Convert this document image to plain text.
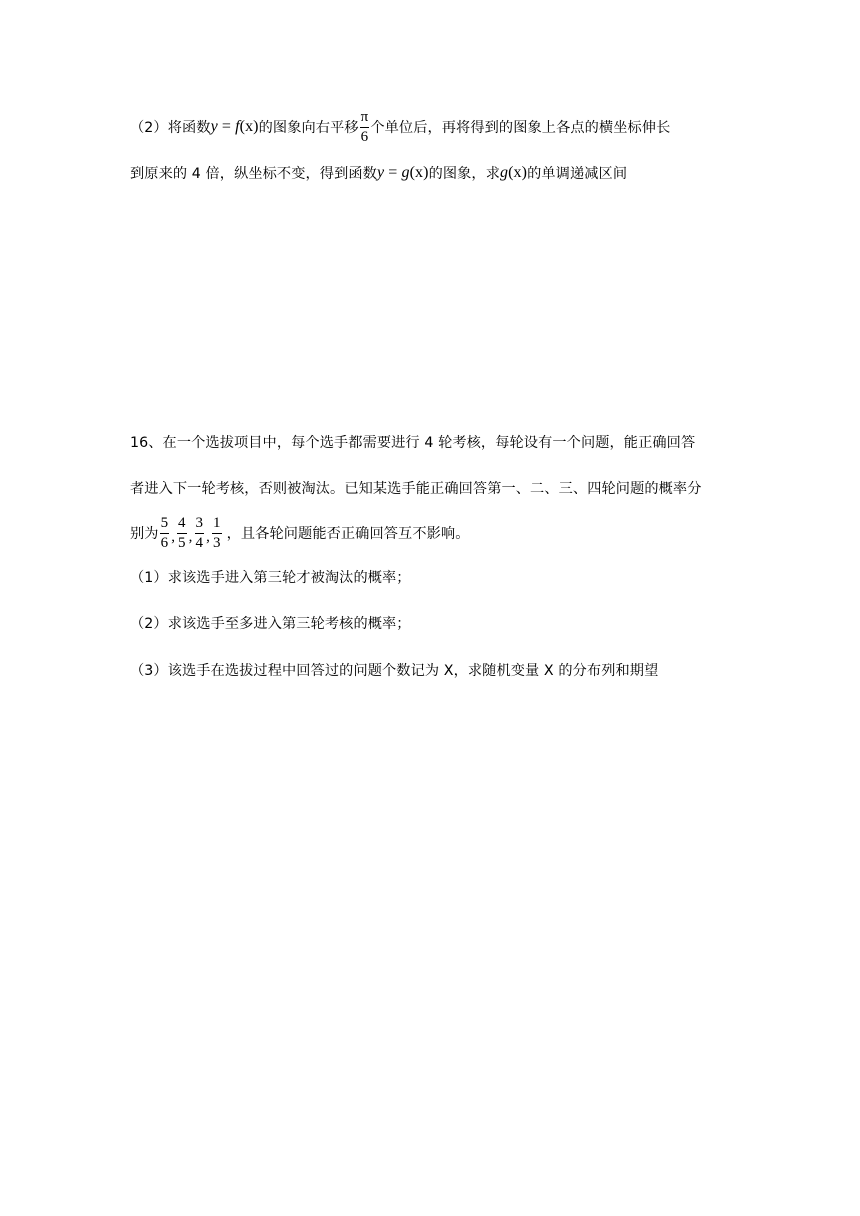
（2） 将函数 y = f(x) 的图象向右平移 $\frac{\pi}{6}$ 个单位后，再将得到的图象上各点的横坐标伸长
到原来的 4 倍，纵坐标不变，得到函数 y = g(x) 的图象，求 g(x) 的单调递减区间
16、在一个选拔项目中，每个选手都需要进行 4 轮考核，每轮设有一个问题，能正确回答
者进入下一轮考核，否则被淘汰。已知某选手能正确回答第一、二、三、四轮问题的概率分
别为 $\frac{5}{6}$ , $\frac{4}{5}$ , $\frac{3}{4}$ , $\frac{1}{3}$ ，且各轮问题能否正确回答互不影响。
（1）求该选手进入第三轮才被淘汰的概率；
（2）求该选手至多进入第三轮考核的概率；
（3）该选手在选拔过程中回答过的问题个数记为 X，求随机变量 X 的分布列和期望
